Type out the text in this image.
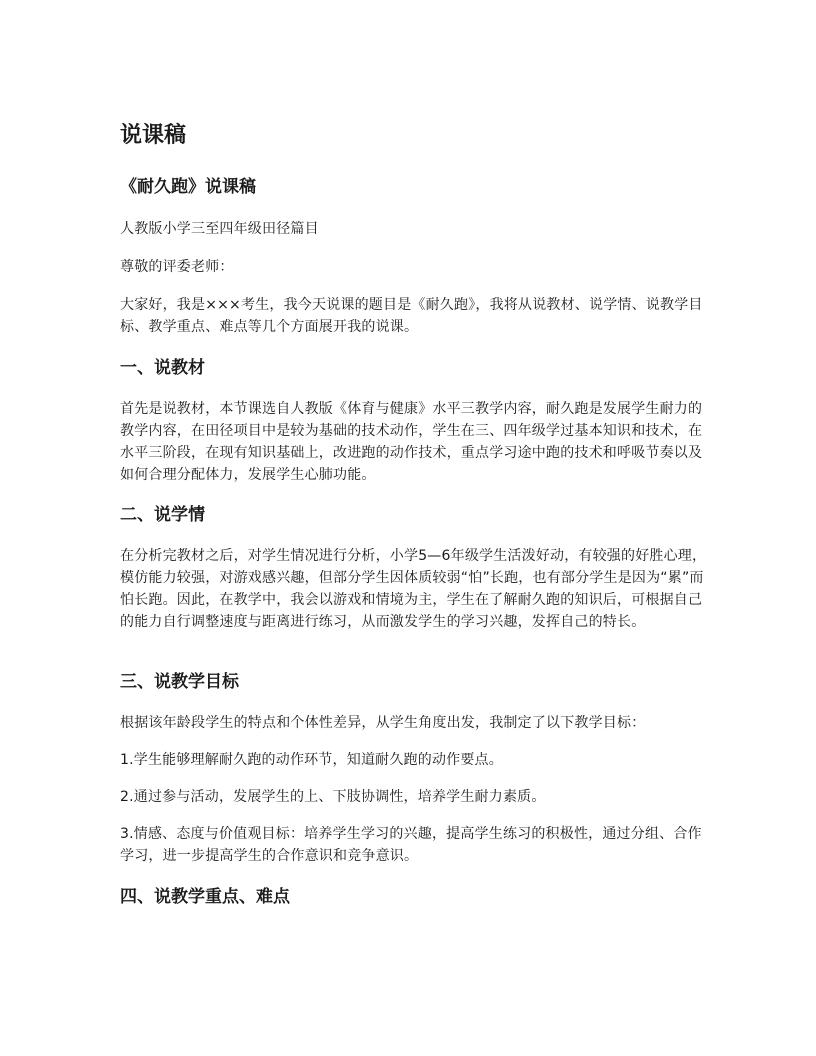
说课稿
《耐久跑》说课稿

人教版小学三至四年级田径篇目

尊敬的评委老师：

大家好，我是×××考生，我今天说课的题目是《耐久跑》，我将从说教材、说学情、说教学目标、教学重点、难点等几个方面展开我的说课。

一、说教材

首先是说教材，本节课选自人教版《体育与健康》水平三教学内容，耐久跑是发展学生耐力的教学内容，在田径项目中是较为基础的技术动作，学生在三、四年级学过基本知识和技术，在水平三阶段，在现有知识基础上，改进跑的动作技术，重点学习途中跑的技术和呼吸节奏以及如何合理分配体力，发展学生心肺功能。

二、说学情

在分析完教材之后，对学生情况进行分析，小学5—6年级学生活泼好动，有较强的好胜心理，模仿能力较强，对游戏感兴趣，但部分学生因体质较弱“怕”长跑，也有部分学生是因为“累”而怕长跑。因此，在教学中，我会以游戏和情境为主，学生在了解耐久跑的知识后，可根据自己的能力自行调整速度与距离进行练习，从而激发学生的学习兴趣，发挥自己的特长。

三、说教学目标

根据该年龄段学生的特点和个体性差异，从学生角度出发，我制定了以下教学目标：

1.学生能够理解耐久跑的动作环节，知道耐久跑的动作要点。

2.通过参与活动，发展学生的上、下肢协调性，培养学生耐力素质。

3.情感、态度与价值观目标：培养学生学习的兴趣，提高学生练习的积极性，通过分组、合作学习，进一步提高学生的合作意识和竞争意识。

四、说教学重点、难点
